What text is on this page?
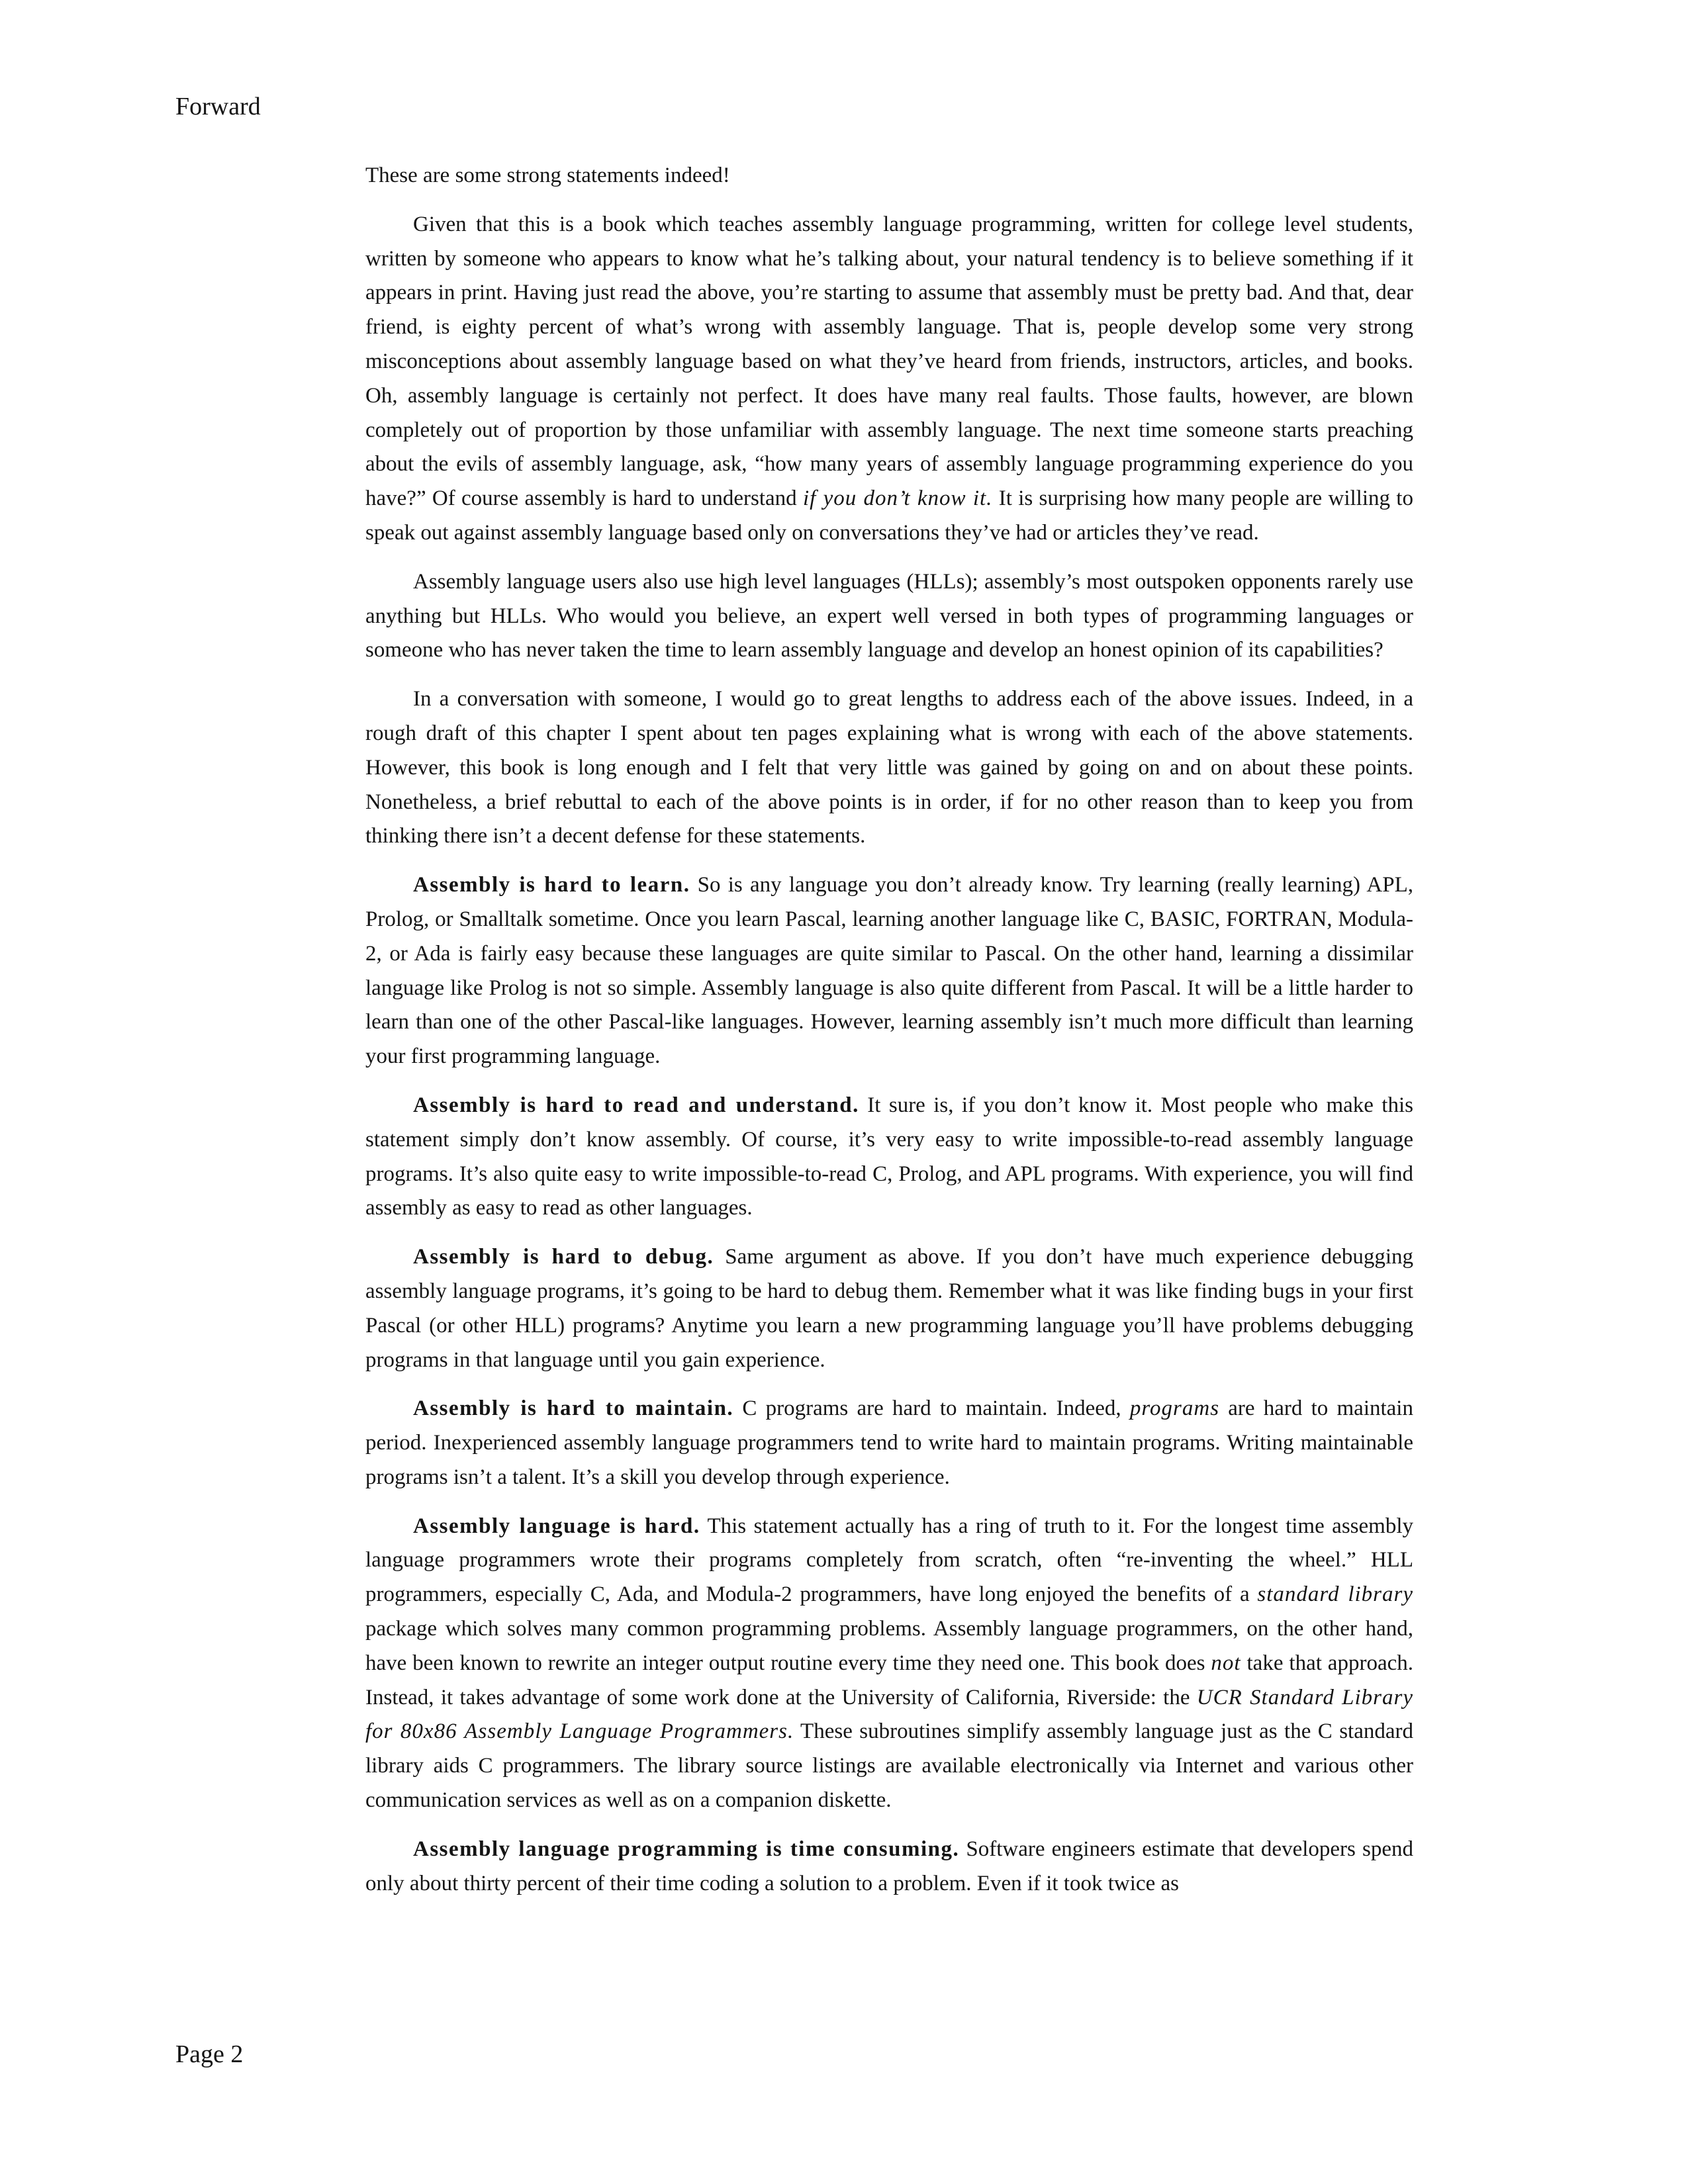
Forward

These are some strong statements indeed!

Given that this is a book which teaches assembly language programming, written for college level students, written by someone who appears to know what he’s talking about, your natural tendency is to believe something if it appears in print. Having just read the above, you’re starting to assume that assembly must be pretty bad. And that, dear friend, is eighty percent of what’s wrong with assembly language. That is, people develop some very strong misconceptions about assembly language based on what they’ve heard from friends, instructors, articles, and books. Oh, assembly language is certainly not perfect. It does have many real faults. Those faults, however, are blown completely out of proportion by those unfamiliar with assembly language. The next time someone starts preaching about the evils of assembly language, ask, “how many years of assembly language programming experience do you have?” Of course assembly is hard to understand if you don’t know it. It is surprising how many people are willing to speak out against assembly language based only on conversations they’ve had or articles they’ve read.

Assembly language users also use high level languages (HLLs); assembly’s most outspoken opponents rarely use anything but HLLs. Who would you believe, an expert well versed in both types of programming languages or someone who has never taken the time to learn assembly language and develop an honest opinion of its capabilities?

In a conversation with someone, I would go to great lengths to address each of the above issues. Indeed, in a rough draft of this chapter I spent about ten pages explaining what is wrong with each of the above statements. However, this book is long enough and I felt that very little was gained by going on and on about these points. Nonetheless, a brief rebuttal to each of the above points is in order, if for no other reason than to keep you from thinking there isn’t a decent defense for these statements.

Assembly is hard to learn. So is any language you don’t already know. Try learning (really learning) APL, Prolog, or Smalltalk sometime. Once you learn Pascal, learning another language like C, BASIC, FORTRAN, Modula-2, or Ada is fairly easy because these languages are quite similar to Pascal. On the other hand, learning a dissimilar language like Prolog is not so simple. Assembly language is also quite different from Pascal. It will be a little harder to learn than one of the other Pascal-like languages. However, learning assembly isn’t much more difficult than learning your first programming language.

Assembly is hard to read and understand. It sure is, if you don’t know it. Most people who make this statement simply don’t know assembly. Of course, it’s very easy to write impossible-to-read assembly language programs. It’s also quite easy to write impossible-to-read C, Prolog, and APL programs. With experience, you will find assembly as easy to read as other languages.

Assembly is hard to debug. Same argument as above. If you don’t have much experience debugging assembly language programs, it’s going to be hard to debug them. Remember what it was like finding bugs in your first Pascal (or other HLL) programs? Anytime you learn a new programming language you’ll have problems debugging programs in that language until you gain experience.

Assembly is hard to maintain. C programs are hard to maintain. Indeed, programs are hard to maintain period. Inexperienced assembly language programmers tend to write hard to maintain programs. Writing maintainable programs isn’t a talent. It’s a skill you develop through experience.

Assembly language is hard. This statement actually has a ring of truth to it. For the longest time assembly language programmers wrote their programs completely from scratch, often “re-inventing the wheel.” HLL programmers, especially C, Ada, and Modula-2 programmers, have long enjoyed the benefits of a standard library package which solves many common programming problems. Assembly language programmers, on the other hand, have been known to rewrite an integer output routine every time they need one. This book does not take that approach. Instead, it takes advantage of some work done at the University of California, Riverside: the UCR Standard Library for 80x86 Assembly Language Programmers. These subroutines simplify assembly language just as the C standard library aids C programmers. The library source listings are available electronically via Internet and various other communication services as well as on a companion diskette.

Assembly language programming is time consuming. Software engineers estimate that developers spend only about thirty percent of their time coding a solution to a problem. Even if it took twice as

Page 2
